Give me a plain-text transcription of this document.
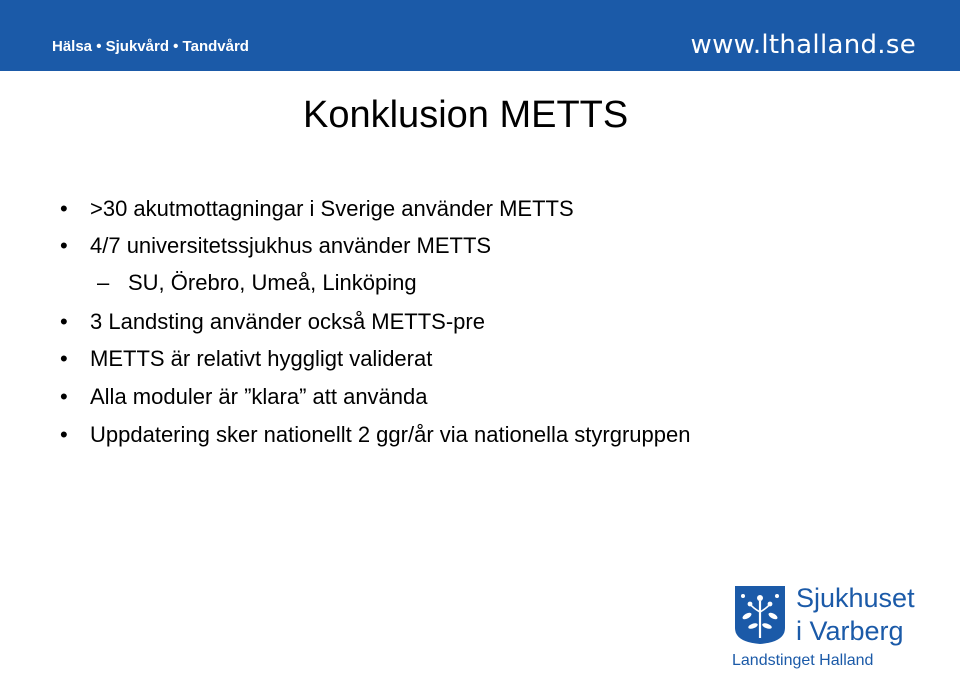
Hälsa • Sjukvård • Tandvård	www.lthalland.se
Konklusion METTS
• >30 akutmottagningar i Sverige använder METTS
• 4/7 universitetssjukhus använder METTS
– SU, Örebro, Umeå, Linköping
• 3 Landsting använder också METTS-pre
• METTS är relativt hyggligt validerat
• Alla moduler är ”klara” att använda
• Uppdatering sker nationellt 2 ggr/år via nationella styrgruppen
Sjukhuset
i Varberg
Landstinget Halland
